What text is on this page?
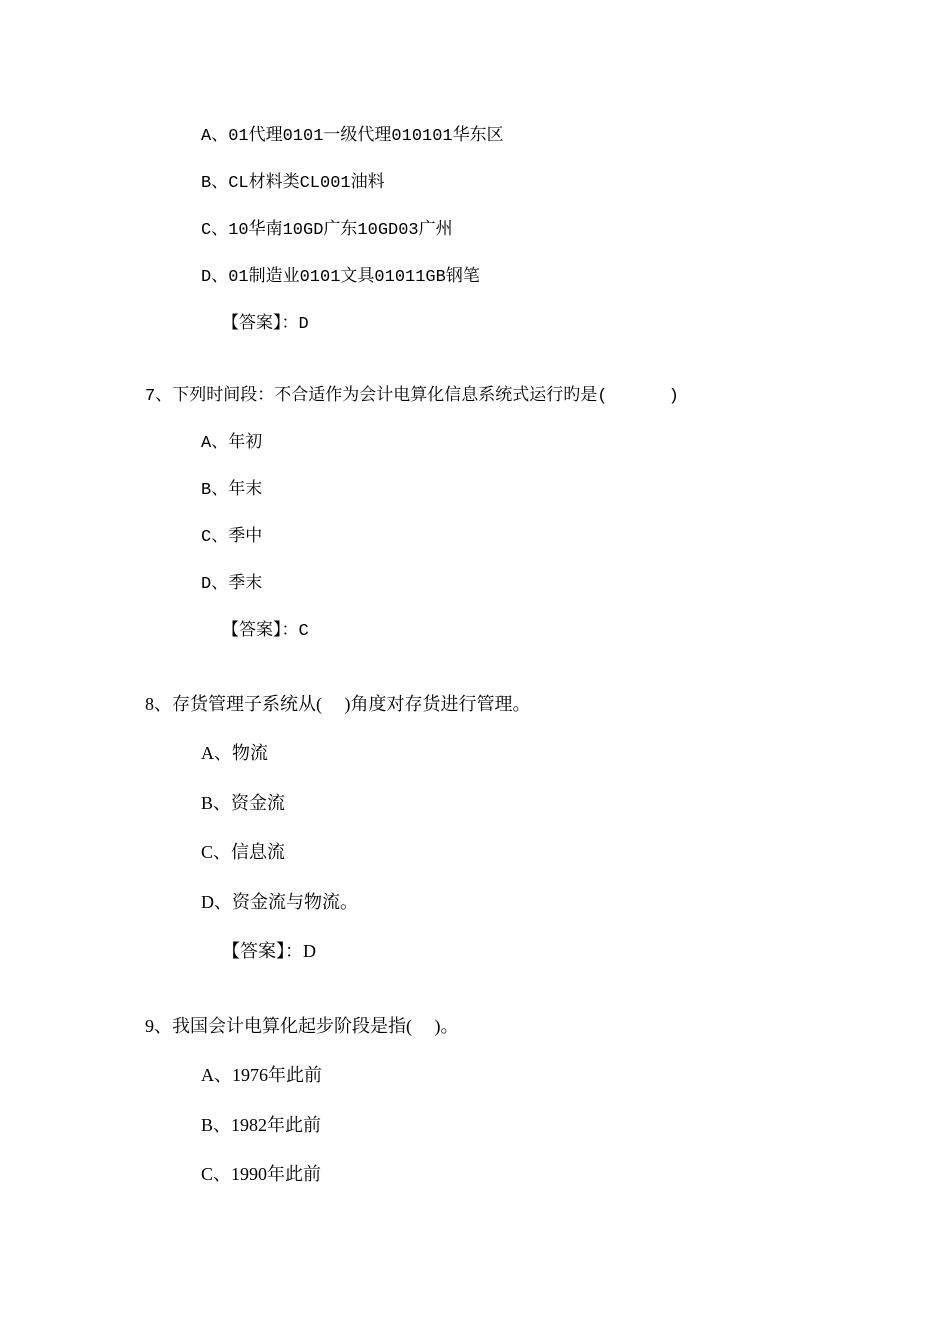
A、01代理0101一级代理010101华东区
B、CL材料类CL001油料
C、10华南10GD广东10GD03广州
D、01制造业0101文具01011GB钢笔
【答案】：D
7、下列时间段：不合适作为会计电算化信息系统式运行旳是(      )
A、年初
B、年末
C、季中
D、季末
【答案】：C
8、存货管理子系统从(     )角度对存货进行管理。
A、物流
B、资金流
C、信息流
D、资金流与物流。
【答案】：D
9、我国会计电算化起步阶段是指(     )。
A、1976年此前
B、1982年此前
C、1990年此前
